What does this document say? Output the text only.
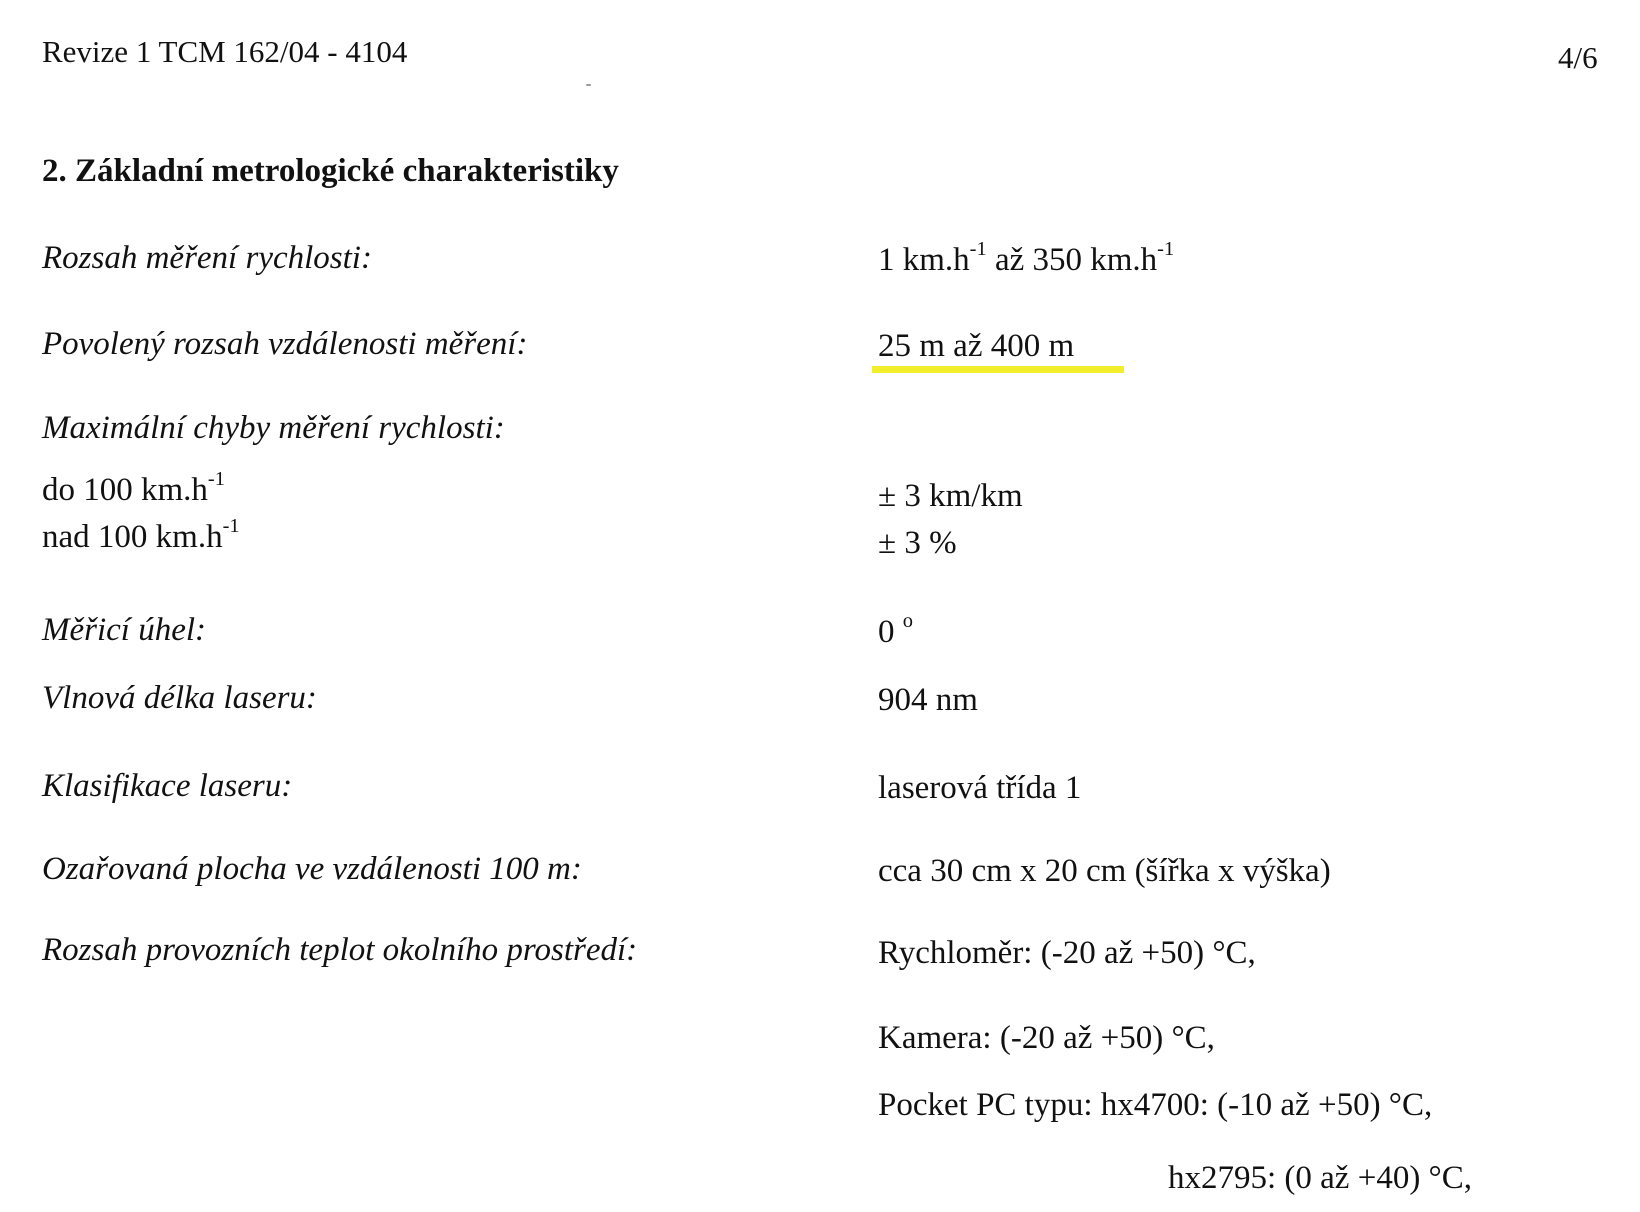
Revize 1 TCM 162/04 - 4104	4/6
2. Základní metrologické charakteristiky
Rozsah měření rychlosti:	1 $km.h^{-1}$ až 350 $km.h^{-1}$
Povolený rozsah vzdálenosti měření:	25 m až 400 m
Maximální chyby měření rychlosti:
do 100 $km.h^{-1}$	± 3 km/km
nad 100 $km.h^{-1}$	± 3 %
Měřicí úhel:	0 $^o$
Vlnová délka laseru:	904 nm
Klasifikace laseru:	laserová třída 1
Ozařovaná plocha ve vzdálenosti 100 m:	cca 30 cm x 20 cm (šířka x výška)
Rozsah provozních teplot okolního prostředí:	Rychloměr: (-20 až +50) °C,
Kamera: (-20 až +50) °C,
Pocket PC typu: hx4700: (-10 až +50) °C,
hx2795: (0 až +40) °C,
